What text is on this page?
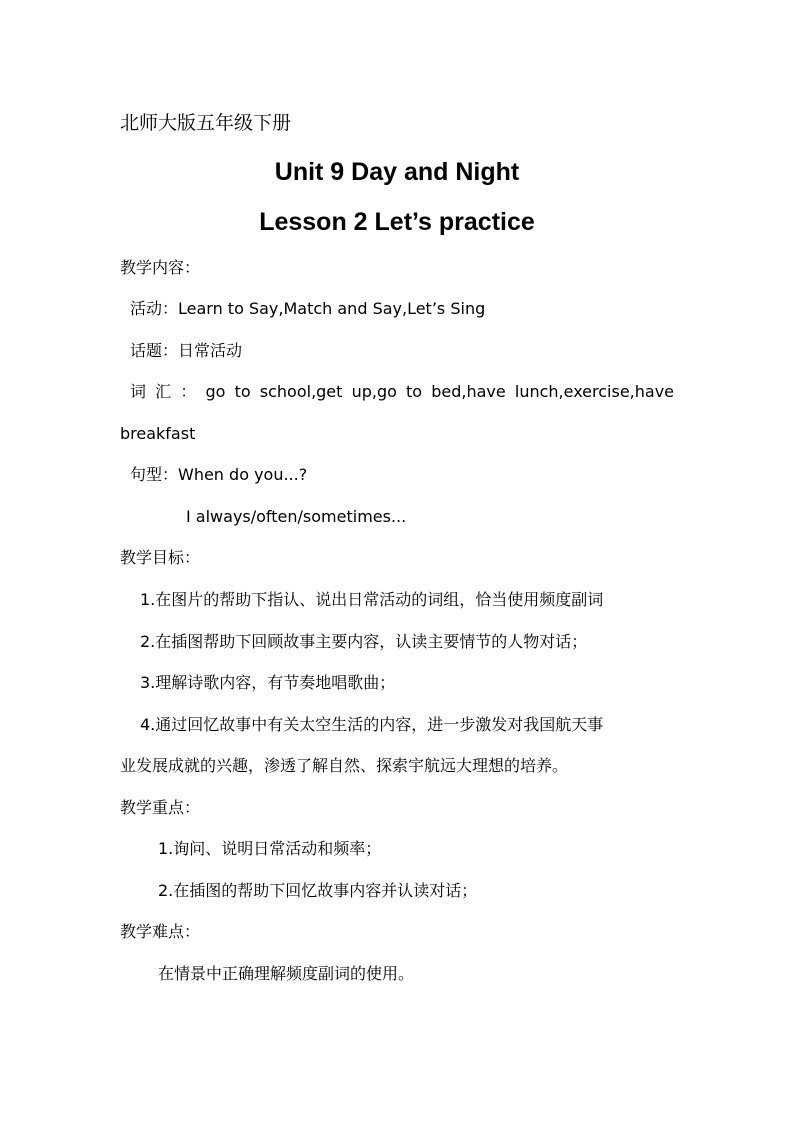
北师大版五年级下册
Unit 9 Day and Night
Lesson 2 Let’s practice
教学内容：
活动：Learn to Say,Match and Say,Let’s Sing
话题：日常活动
词 汇 ： go to school,get up,go to bed,have lunch,exercise,have
breakfast
句型：When do you...?
I always/often/sometimes...
教学目标：
1.在图片的帮助下指认、说出日常活动的词组，恰当使用频度副词
2.在插图帮助下回顾故事主要内容，认读主要情节的人物对话；
3.理解诗歌内容，有节奏地唱歌曲；
4.通过回忆故事中有关太空生活的内容，进一步激发对我国航天事
业发展成就的兴趣，渗透了解自然、探索宇航远大理想的培养。
教学重点：
1.询问、说明日常活动和频率；
2.在插图的帮助下回忆故事内容并认读对话；
教学难点：
在情景中正确理解频度副词的使用。
